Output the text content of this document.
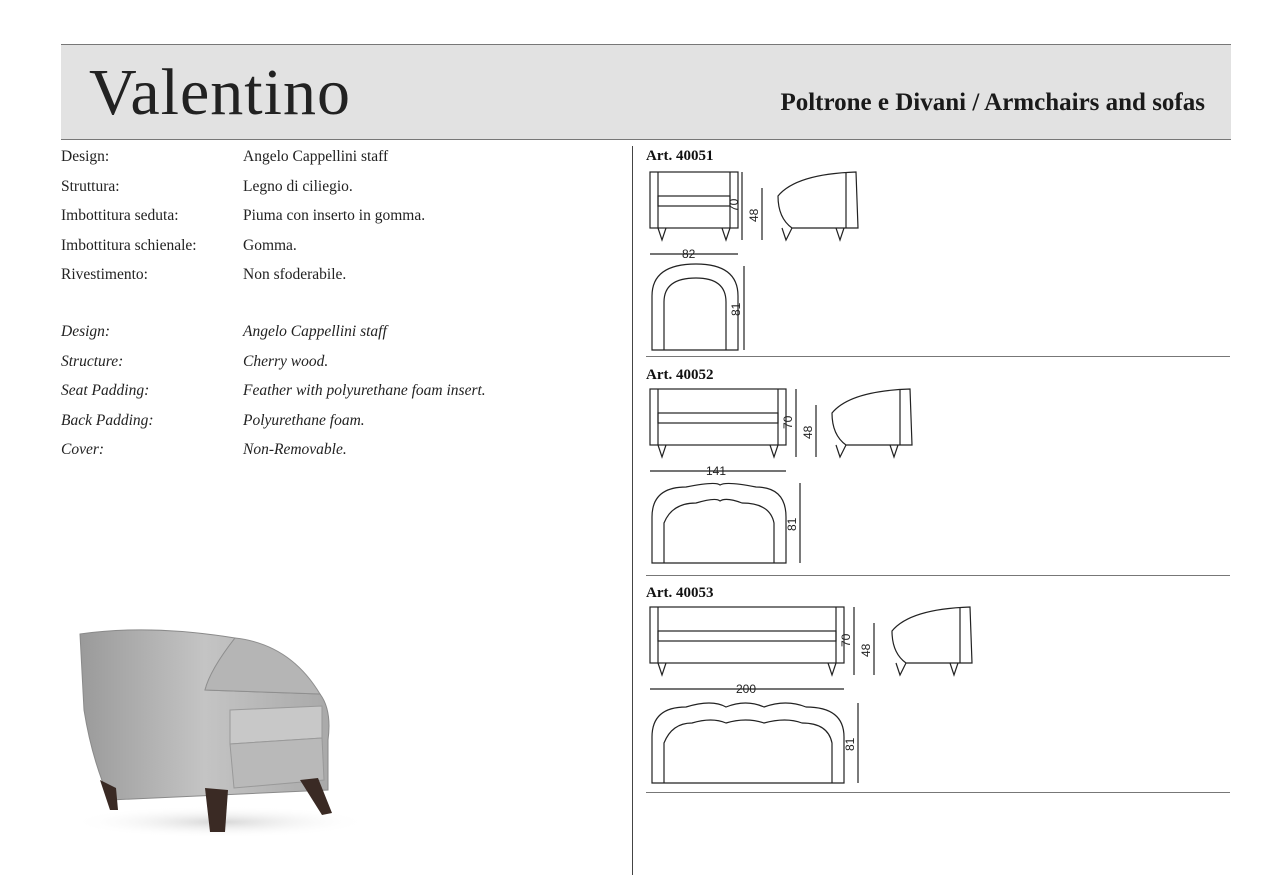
Valentino	Poltrone e Divani / Armchairs and sofas
Design:	Angelo Cappellini staff
Struttura:	Legno di ciliegio.
Imbottitura seduta:	Piuma con inserto in gomma.
Imbottitura schienale:	Gomma.
Rivestimento:	Non sfoderabile.
Design:	Angelo Cappellini staff
Structure:	Cherry wood.
Seat Padding:	Feather with polyurethane foam insert.
Back Padding:	Polyurethane foam.
Cover:	Non-Removable.
Art. 40051
70
48
82
81
Art. 40052
70
48
141
81
Art. 40053
70
48
200
81
